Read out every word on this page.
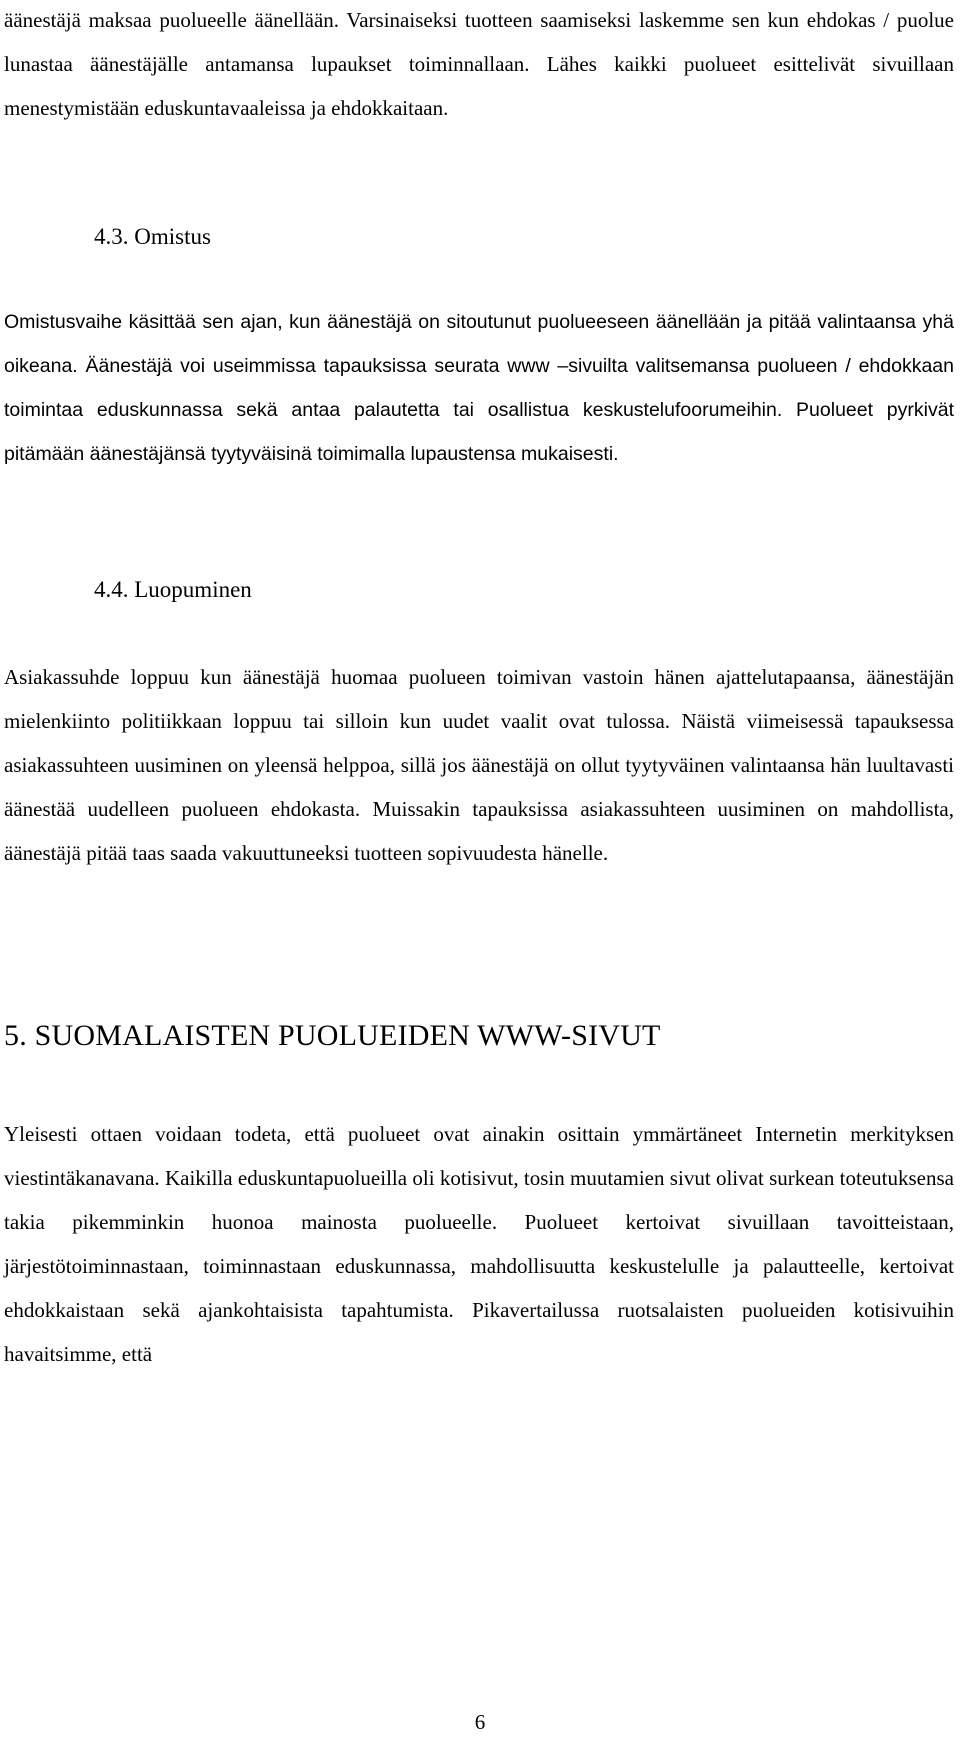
äänestäjä maksaa puolueelle äänellään. Varsinaiseksi tuotteen saamiseksi laskemme sen kun ehdokas / puolue lunastaa äänestäjälle antamansa lupaukset toiminnallaan. Lähes kaikki puolueet esittelivät sivuillaan menestymistään eduskuntavaaleissa ja ehdokkaitaan.

4.3. Omistus

Omistusvaihe käsittää sen ajan, kun äänestäjä on sitoutunut puolueeseen äänellään ja pitää valintaansa yhä oikeana. Äänestäjä voi useimmissa tapauksissa seurata www –sivuilta valitsemansa puolueen / ehdokkaan toimintaa eduskunnassa sekä antaa palautetta tai osallistua keskustelufoorumeihin. Puolueet pyrkivät pitämään äänestäjänsä tyytyväisinä toimimalla lupaustensa mukaisesti.

4.4. Luopuminen

Asiakassuhde loppuu kun äänestäjä huomaa puolueen toimivan vastoin hänen ajattelutapaansa, äänestäjän mielenkiinto politiikkaan loppuu tai silloin kun uudet vaalit ovat tulossa. Näistä viimeisessä tapauksessa asiakassuhteen uusiminen on yleensä helppoa, sillä jos äänestäjä on ollut tyytyväinen valintaansa hän luultavasti äänestää uudelleen puolueen ehdokasta. Muissakin tapauksissa asiakassuhteen uusiminen on mahdollista, äänestäjä pitää taas saada vakuuttuneeksi tuotteen sopivuudesta hänelle.

5. SUOMALAISTEN PUOLUEIDEN WWW-SIVUT

Yleisesti ottaen voidaan todeta, että puolueet ovat ainakin osittain ymmärtäneet Internetin merkityksen viestintäkanavana. Kaikilla eduskuntapuolueilla oli kotisivut, tosin muutamien sivut olivat surkean toteutuksensa takia pikemminkin huonoa mainosta puolueelle. Puolueet kertoivat sivuillaan tavoitteistaan, järjestötoiminnastaan, toiminnastaan eduskunnassa, mahdollisuutta keskustelulle ja palautteelle, kertoivat ehdokkaistaan sekä ajankohtaisista tapahtumista. Pikavertailussa ruotsalaisten puolueiden kotisivuihin havaitsimme, että

6
